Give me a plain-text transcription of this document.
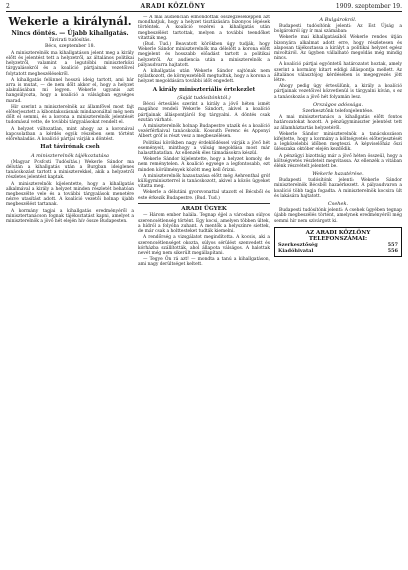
2	ARADI KÖZLÖNY	1909. szeptember 19.
Wekerle a királynál.
Nincs döntés. — Újabb kihallgatás.
Távirati tudósítás.
Bécs, szeptember 18.

A miniszterelnök ma kihallgatáson jelent meg a király előtt és jelentést tett a helyzetről, az általános politikai helyzetről, valamint a legutóbbi miniszterközi tárgyalásokról és a koalíció pártjainak vezetőivel folytatott megbeszélésekről.

A kihallgatás felünnel hosszú ideig tartott, ami bár arra is mutat, — de nem dőlt akkor el, hogy a helyzet alakulásában mi legyen. Wekerle ugyanis azt hangsúlyozta, hogy a koalíció a válságban egységes marad.

Hír szerint a miniszterelnök az államfővel most fajt előterjesztett a kibontakozásnak mindazonáltal még nem dőlt el semmi, és a korona a miniszterelnök jelentését tudomásul vette, de további tárgyalásokat rendelt el.

A helyzet változatlan, mint ahogy az a koronával kapcsolatban a kérdés egyik részében sem történt előrehaladás. A koalíció pártjai várják a döntést.

Hat távirónak cseh
A miniszterelnök tájékoztatása

(Magyar Pcsfcsti Tudósítás.) Wekerle Sándor ma délután a kihallgatás után a Burgban ideiglenes tanácskozást tartott a miniszterekkel, akik a helyzetről részletes jelentést kaptak.

A miniszterelnök kijelentette, hogy a kihallgatás alkalmával a király a helyzet minden részletét behatóan megbeszélte vele és a további tárgyalások menetére nézve utasítást adott. A koalíció vezetői holnap újabb megbeszélést tartanak.

A kormány tagjai a kihallgatás eredményéről a minisztertanácson fognak tájékoztatást kapni, amelyet a miniszterelnök a jövő hét elején hív össze Budapesten.

— A mai audiencián elmondottak összegzéseképpen azt mondhatjuk, hogy a helyzet tisztázására bizonyos lépések történtek. A koalíció vezérei a kihallgatás után megbeszélést tartottak, melyen a további teendőket vitatták meg.

(Bud. Tud.) Beavatott körökben úgy tudják, hogy Wekerle Sándor miniszterelnök ma délelőtt a korona előtt megjelent és hosszabb előadást tartott a politikai helyzetről. Az audiencia után a miniszterelnök a pályaudvarra hajtatott.

A kihallgatás után Wekerle Sándor sajtónak nem nyilatkozott, de környezetéből megtudtuk, hogy a korona a helyzet megoldására további időt engedett.

A király miniszteriális értekezlet
(Saját tudósítónktól.)

Bécsi értesülés szerint a király a jövő héten ismét magához rendeli Wekerle Sándort, akivel a koalíció pártjainak álláspontjáról fog tárgyalni. A döntés csak ezután várható.

A miniszterelnök holnap Budapestre utazik és a koalíció vezérférfiaival tanácskozik. Kossuth Ferenc és Apponyi Albert gróf is részt vesz a megbeszélésen.

Politikai körökben nagy érdeklődéssel várják a jövő hét eseményeit, minthogy a válság megoldása most már halaszthatatlan. Az ellenzék éles támadásokra készül.

Wekerle Sándor kijelentette, hogy a helyzet komoly, de nem reménytelen. A koalíció egysége a legfontosabb, ezt minden körülmények között meg kell őrizni.

A miniszterelnök hazautazása előtt még Aehrenthal gróf külügyminiszterrel is tanácskozott, akivel a közös ügyeket vitatta meg.

Wekerle a délutáni gyorsvonattal utazott el Bécsből és este érkezik Budapestre. (Bud. Tud.)

ARADI ÜGYEK

— Három ember halála. Tegnap éjjel a városban súlyos szerencsétlenség történt. Egy kocsi, amelyen többen ültek, a hídról a folyóba zuhant. A mentők a helyszínre siettek, de már csak a holttesteket tudták kiemelni.

A rendőrség a vizsgálatot megindította. A kocsis, aki a szerencsétlenséget okozta, súlyos sérülést szenvedett és kórházba szállították, ahol állapota válságos. A halottak nevét még nem sikerült megállapítani.

— Tegye Ön rá azt! — mondta a tanú a kihallgatáson, ami nagy derültséget keltett.

A Bulgárokról.

Budapesti tudósítónk jelenti: Az Est Újság a bolgárokról így ír mai számában:

Wekerle mai kihallgatásából Wekerle rendes útján bizonyára alkalmat adott erre, hogy részletesen és alaposan tájékoztassa a királyt a politikai helyzet egész mivoltáról. Az ügyben vállalható megoldás még mindig nincs.

A koalíció pártjai egyöntetű határozatot hoztak, amely szerint a kormány kitart eddigi álláspontja mellett. Az általános választójog kérdésében is megegyezés jött létre.

Ahogy pedig úgy értesülünk, a király a koalíció pártjainak vezetőivel közvetlenül is tárgyalni kíván, s ez a tanácskozás a jövő hét folyamán lesz.

Országos adóssága.
Szerkesztőnk telefonjelentése.

A mai minisztertanács a kihallgatás előtt fontos határozatokat hozott. A pénzügyminiszter jelentést tett az államháztartás helyzetéről.

Wekerle Sándor miniszterelnök a tanácskozáson kifejtette, hogy a kormány a költségvetés előterjesztését a legközelebbi időben megteszi. A képviselőház őszi ülésszaka október elején kezdődik.

A pénzügyi bizottság már a jövő héten összeül, hogy a költségvetés részleteit megvitassa. Az ellenzék a vitában élénk részvételt jelentett be.

Wekerle hazatérése.

Budapesti tudósítónk jelenti: Wekerle Sándor miniszterelnök Bécsből hazaérkezett. A pályaudvaron a koalíció több tagja fogadta. A miniszterelnök kocsira ült és lakására hajtatott.

Csehek.

Budapesti tudósítónk jelenti: A csehek ügyében tegnap újabb megbeszélés történt, amelynek eredményéről még semmi hír nem szivárgott ki.

AZ ARADI KÖZLÖNY TELEFONSZÁMAI:
Szerkesztőség	557
Kiadóhivatal	556
